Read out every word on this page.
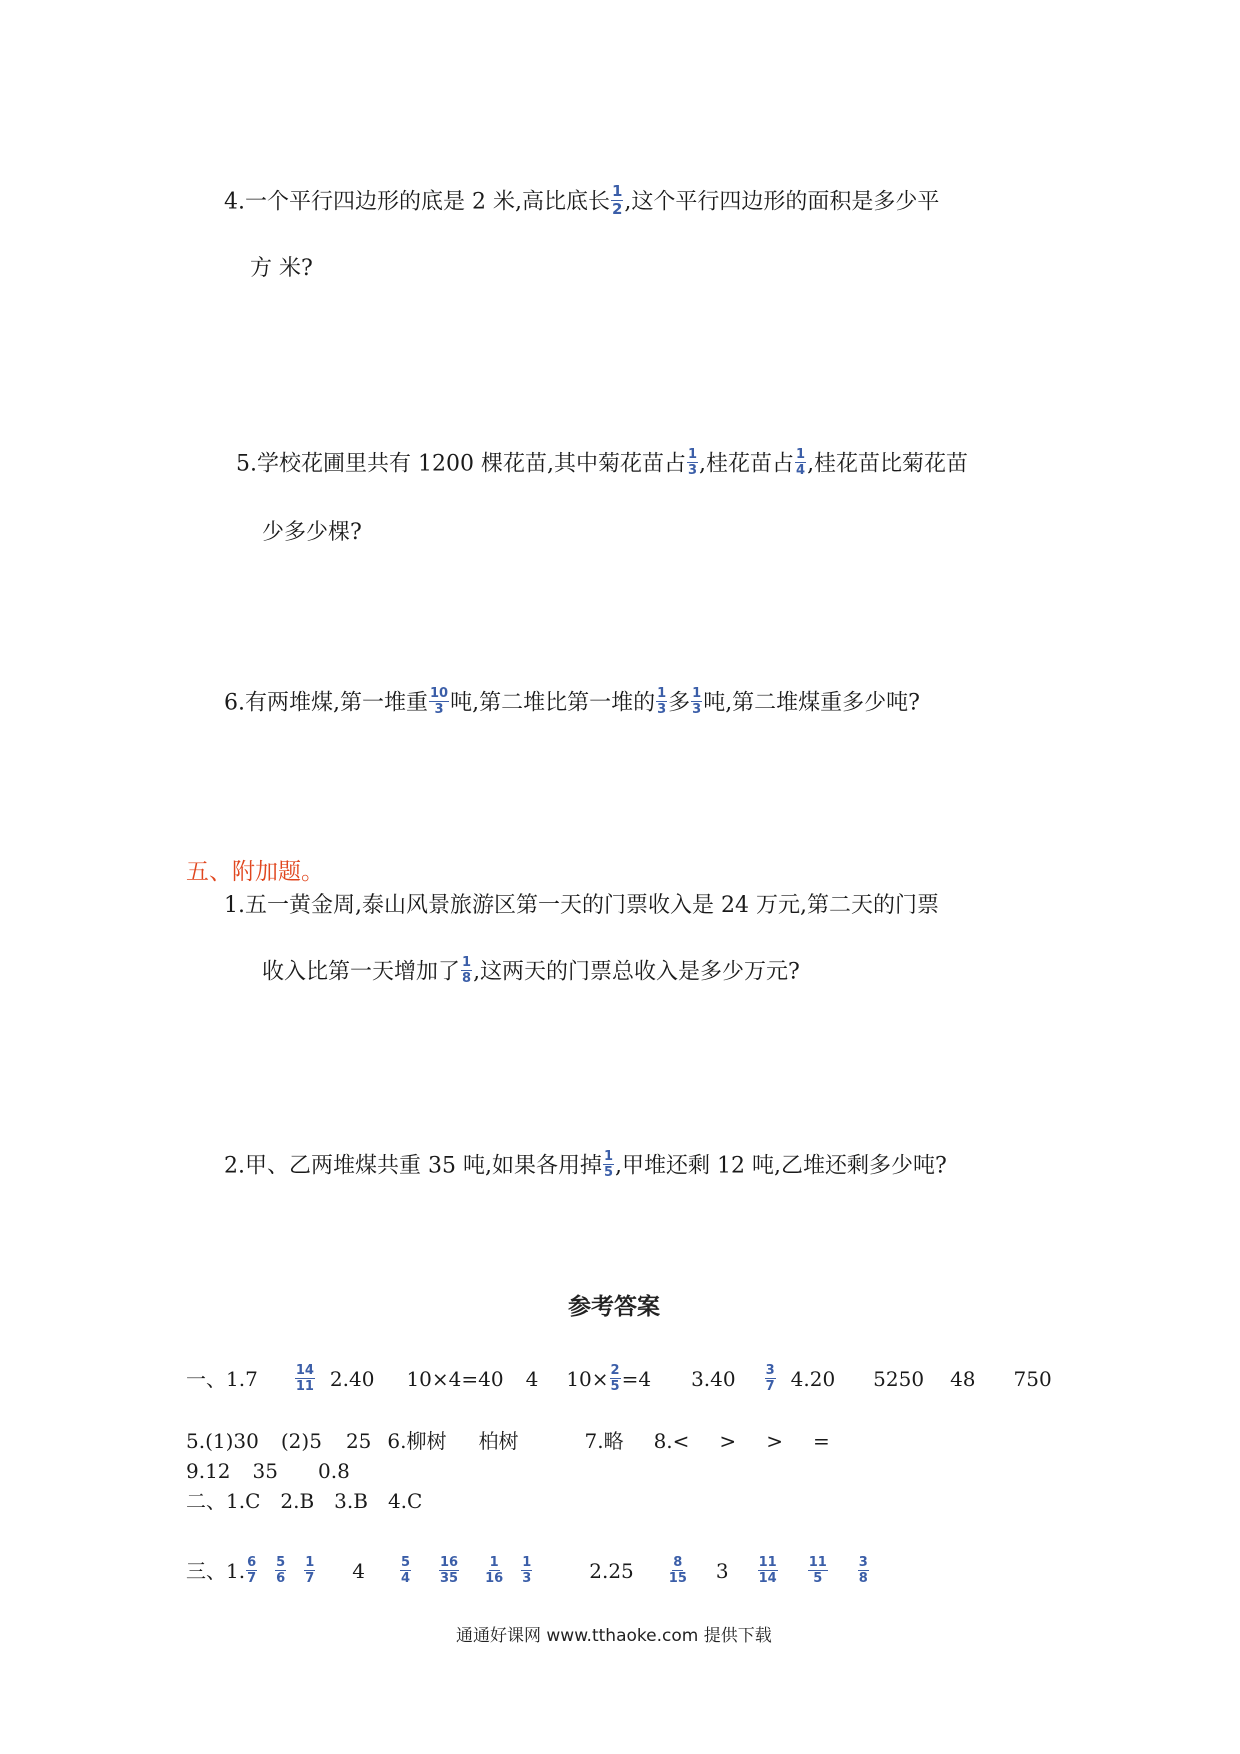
4.一个平行四边形的底是 2 米,高比底长 $\frac{1}{2}$ ,这个平行四边形的面积是多少平
方 米?
5.学校花圃里共有 1200 棵花苗,其中菊花苗占 $\frac{1}{3}$ ,桂花苗占 $\frac{1}{4}$ ,桂花苗比菊花苗
少多少棵?
6.有两堆煤,第一堆重 $\frac{10}{3}$ 吨,第二堆比第一堆的 $\frac{1}{3}$ 多 $\frac{1}{3}$ 吨,第二堆煤重多少吨?
五、附加题。
1.五一黄金周,泰山风景旅游区第一天的门票收入是 24 万元,第二天的门票
收入比第一天增加了 $\frac{1}{8}$ ,这两天的门票总收入是多少万元?
2.甲、乙两堆煤共重 35 吨,如果各用掉 $\frac{1}{5}$ ,甲堆还剩 12 吨,乙堆还剩多少吨?
参考答案
一、1.7	$\frac{14}{11} 2.40$ 10×4=40 4 $10\times \frac{2}{5} =4$ $3.40 \frac{3}{7} 4.20$ 5250 48 750
5.(1)30 (2)5 25 6.柳树 柏树	7.略 8.< > > =
9.12 35 0.8
二、1.C 2.B 3.B 4.C
三、1. $\frac{6}{7} \frac{5}{6} \frac{1}{7} 4$	$\frac{5}{4} \frac{16}{35} \frac{1}{16} \frac{1}{3}$	2.25	$\frac{8}{15} 3 \frac{11}{14} \frac{11}{5} \frac{3}{8}$
通通好课网 www.tthaoke.com 提供下载
